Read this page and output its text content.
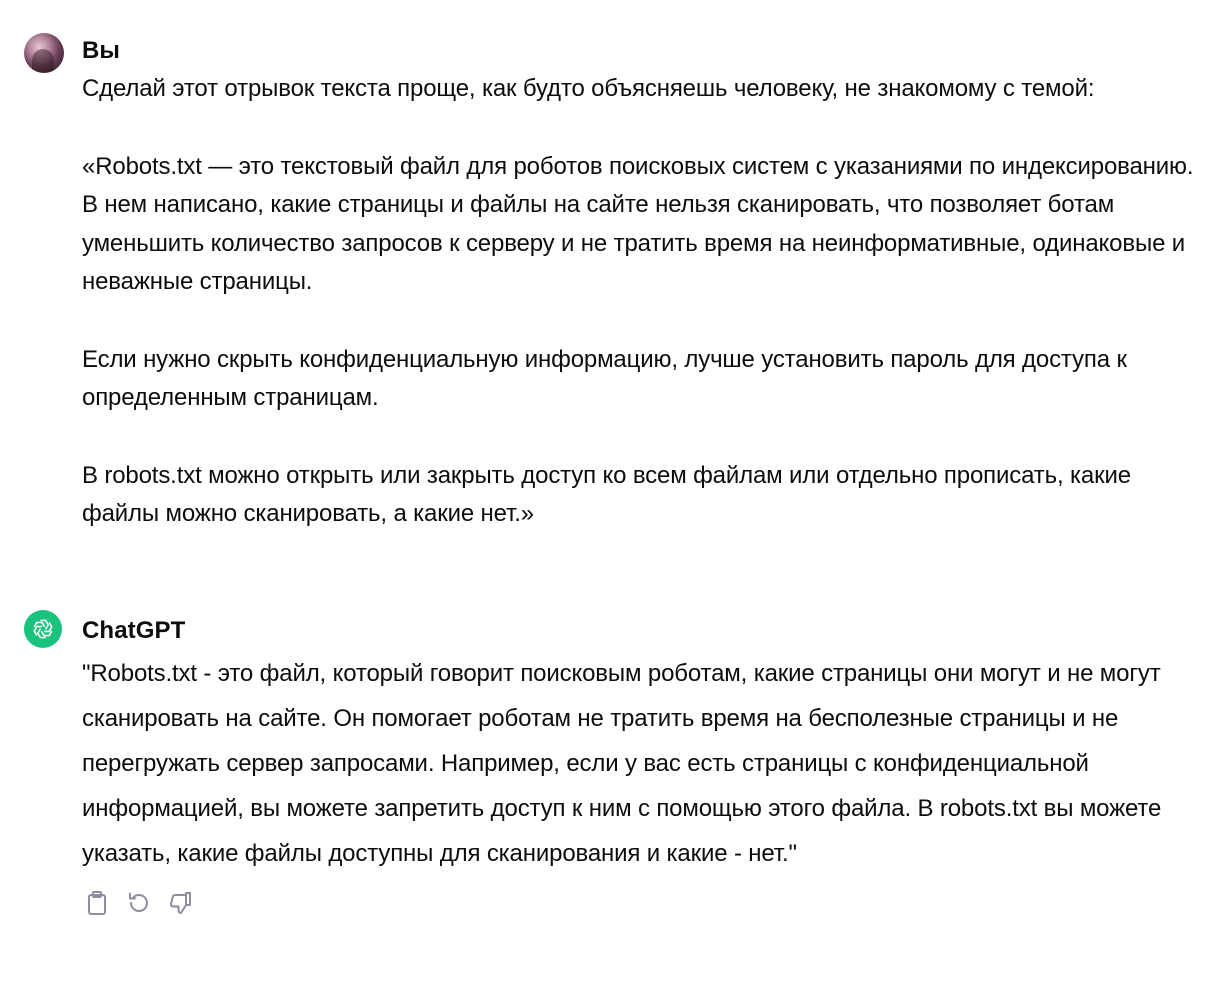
Вы

Сделай этот отрывок текста проще, как будто объясняешь человеку, не знакомому с темой:

«Robots.txt — это текстовый файл для роботов поисковых систем с указаниями по индексированию. В нем написано, какие страницы и файлы на сайте нельзя сканировать, что позволяет ботам уменьшить количество запросов к серверу и не тратить время на неинформативные, одинаковые и неважные страницы.

Если нужно скрыть конфиденциальную информацию, лучше установить пароль для доступа к определенным страницам.

В robots.txt можно открыть или закрыть доступ ко всем файлам или отдельно прописать, какие файлы можно сканировать, а какие нет.»

ChatGPT

"Robots.txt - это файл, который говорит поисковым роботам, какие страницы они могут и не могут сканировать на сайте. Он помогает роботам не тратить время на бесполезные страницы и не перегружать сервер запросами. Например, если у вас есть страницы с конфиденциальной информацией, вы можете запретить доступ к ним с помощью этого файла. В robots.txt вы можете указать, какие файлы доступны для сканирования и какие - нет."
